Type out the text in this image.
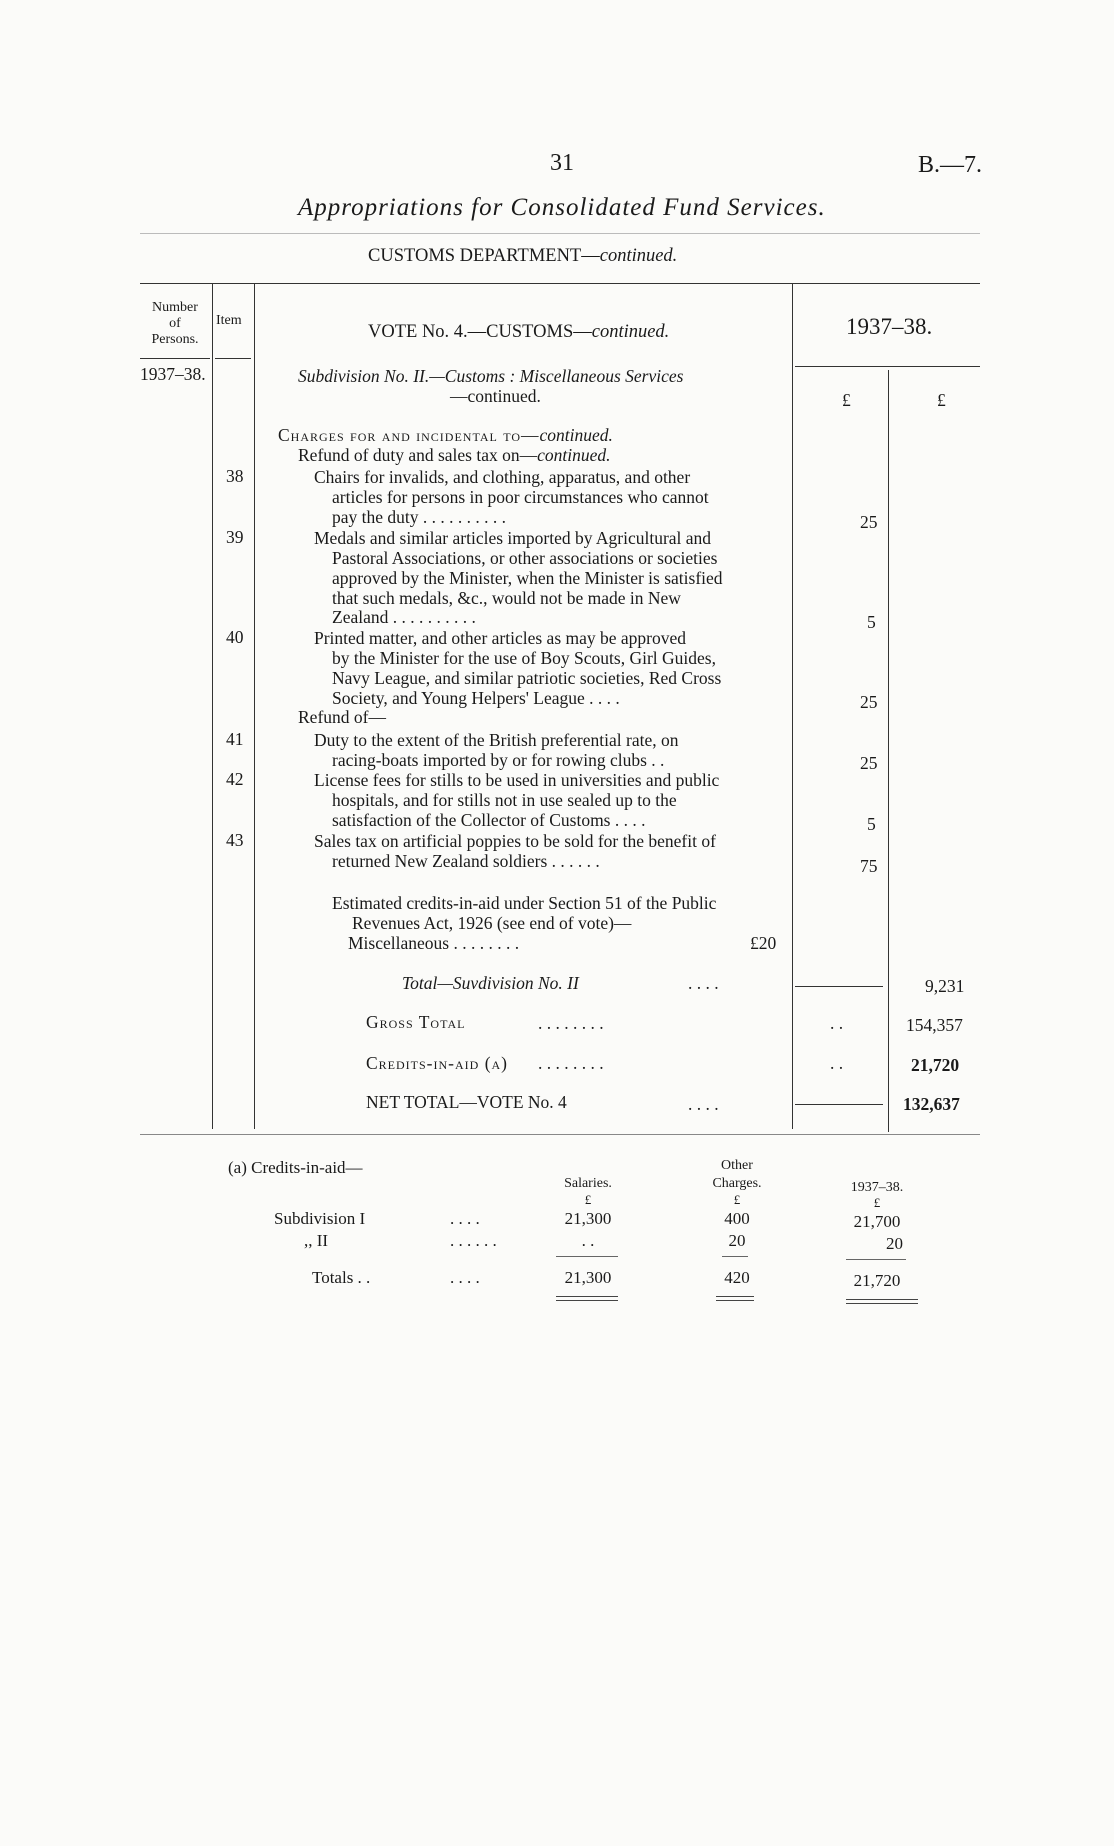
31	B.—7.
Appropriations for Consolidated Fund Services.
CUSTOMS DEPARTMENT—continued.
Number
of
Persons.
Item
VOTE No. 4.—CUSTOMS—continued.	1937–38.
1937–38.	Subdivision No. II.—Customs : Miscellaneous Services
—continued.	£	£
Charges for and incidental to—continued.
Refund of duty and sales tax on—continued.
38	Chairs for invalids, and clothing, apparatus, and other
articles for persons in poor circumstances who cannot
pay the duty . . . . . . . . . .	25
39	Medals and similar articles imported by Agricultural and
Pastoral Associations, or other associations or societies
approved by the Minister, when the Minister is satisfied
that such medals, &c., would not be made in New
Zealand . . . . . . . . . .	5
40	Printed matter, and other articles as may be approved
by the Minister for the use of Boy Scouts, Girl Guides,
Navy League, and similar patriotic societies, Red Cross
Society, and Young Helpers' League . . . .	25
Refund of—
41	Duty to the extent of the British preferential rate, on
racing-boats imported by or for rowing clubs . .	25
42	License fees for stills to be used in universities and public
hospitals, and for stills not in use sealed up to the
satisfaction of the Collector of Customs . . . .	5
43	Sales tax on artificial poppies to be sold for the benefit of
returned New Zealand soldiers . . . . . .	75
Estimated credits-in-aid under Section 51 of the Public
Revenues Act, 1926 (see end of vote)—
Miscellaneous . . . . . . . .	£20
Total—Suvdivision No. II	. . . .	9,231
Gross Total	. . . . . . . .	. .	154,357
Credits-in-aid (a) . . . . . . . .	. .	21,720
NET TOTAL—VOTE No. 4	. . . .	132,637
(a) Credits-in-aid—
Salaries.
Other
Charges.	1937–38.
£	£	£
Subdivision I	. . . .	21,300	400	21,700
,, II	. . . . . .	. .	20	20
Totals . .	. . . .	21,300	420	21,720
